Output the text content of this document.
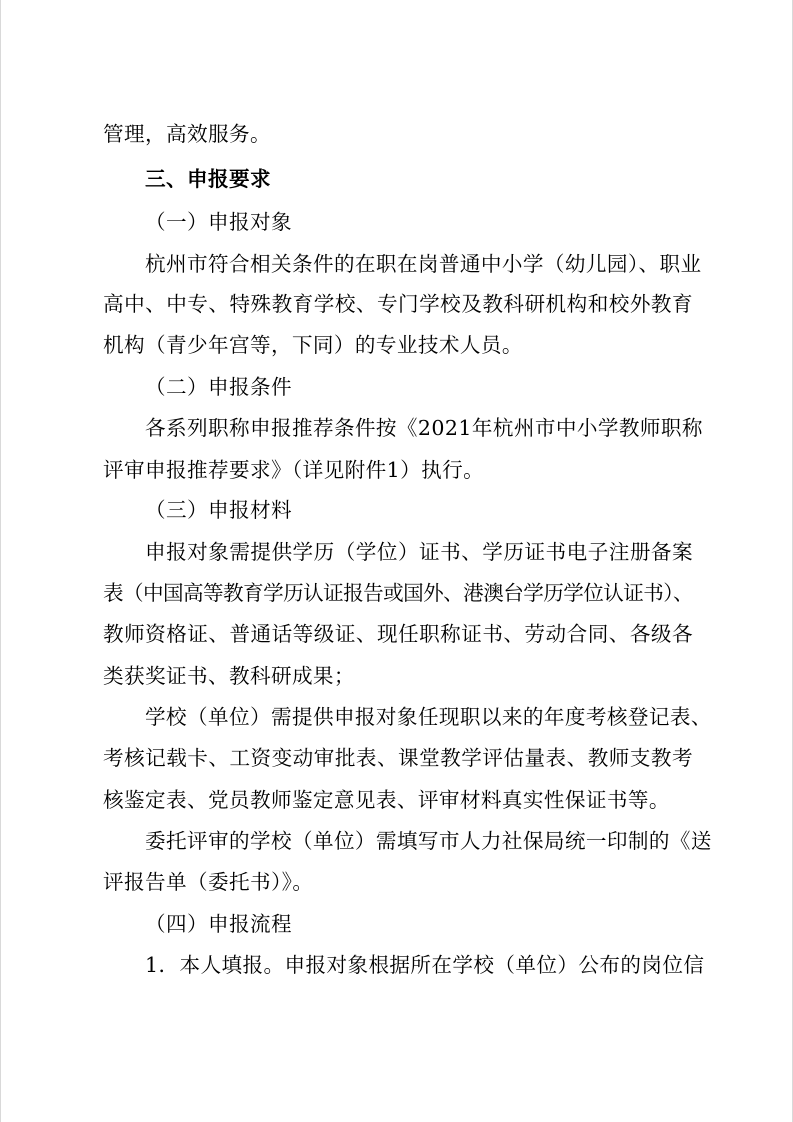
管理，高效服务。
三、申报要求
（一）申报对象
杭州市符合相关条件的在职在岗普通中小学（幼儿园）、职业
高中、中专、特殊教育学校、专门学校及教科研机构和校外教育
机构（青少年宫等，下同）的专业技术人员。
（二）申报条件
各系列职称申报推荐条件按《2021年杭州市中小学教师职称
评审申报推荐要求》（详见附件1）执行。
（三）申报材料
申报对象需提供学历（学位）证书、学历证书电子注册备案
表（中国高等教育学历认证报告或国外、港澳台学历学位认证书）、
教师资格证、普通话等级证、现任职称证书、劳动合同、各级各
类获奖证书、教科研成果；
学校（单位）需提供申报对象任现职以来的年度考核登记表、
考核记载卡、工资变动审批表、课堂教学评估量表、教师支教考
核鉴定表、党员教师鉴定意见表、评审材料真实性保证书等。
委托评审的学校（单位）需填写市人力社保局统一印制的《送
评报告单（委托书）》。
（四）申报流程
1．本人填报。申报对象根据所在学校（单位）公布的岗位信
